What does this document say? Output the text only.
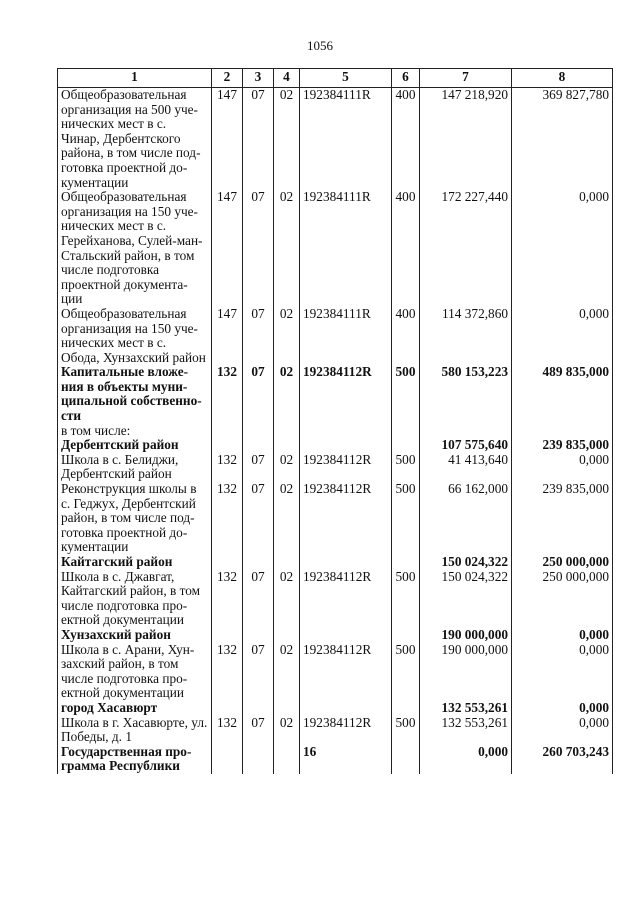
1056
1	2	3	4	5	6	7	8
Общеобразовательная организация на 500 уче-нических мест в с. Чинар, Дербентского района, в том числе под-готовка проектной до-кументации	147	07	02	192384111R	400	147 218,920	369 827,780
Общеобразовательная организация на 150 уче-нических мест в с. Герейханова, Сулей-ман-Стальский район, в том числе подготовка проектной документа-ции	147	07	02	192384111R	400	172 227,440	0,000
Общеобразовательная организация на 150 уче-нических мест в с. Обода, Хунзахский район	147	07	02	192384111R	400	114 372,860	0,000
Капитальные вложе-ния в объекты муни-ципальной собственно-сти	132	07	02	192384112R	500	580 153,223	489 835,000
в том числе:							
Дербентский район						107 575,640	239 835,000
Школа в с. Белиджи, Дербентский район	132	07	02	192384112R	500	41 413,640	0,000
Реконструкция школы в с. Геджух, Дербентский район, в том числе под-готовка проектной до-кументации	132	07	02	192384112R	500	66 162,000	239 835,000
Кайтагский район						150 024,322	250 000,000
Школа в с. Джавгат, Кайтагский район, в том числе подготовка про-ектной документации	132	07	02	192384112R	500	150 024,322	250 000,000
Хунзахский район						190 000,000	0,000
Школа в с. Арани, Хун-захский район, в том числе подготовка про-ектной документации	132	07	02	192384112R	500	190 000,000	0,000
город Хасавюрт						132 553,261	0,000
Школа в г. Хасавюрте, ул. Победы, д. 1	132	07	02	192384112R	500	132 553,261	0,000
Государственная про-грамма Республики				16		0,000	260 703,243
